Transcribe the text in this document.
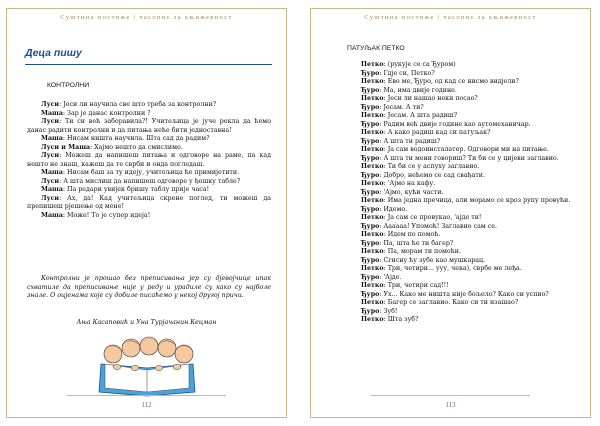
Суштина постиже | часопис за књижевност
Деца пишу
КОНТРОЛНИ

Луси: Јеси ли научила све што треба за контролни?

Маша: Зар је данас контролни ?

Луси: Ти си већ заборавила?! Учитељица је јуче рекла да ћемо данас радити контролни и да питања неће бити једноставна!

Маша: Нисам ништа научила. Шта сад да радим?

Луси и Маша: Хајмо нешто да смислимо.

Луси: Можеш да напишеш питања и одговоре на раме, па кад нешто не знаш, кажеш да те сврби и онда погледаш.

Маша: Нисам баш за ту идеју, учитељица ће примијетити.

Луси: А шта мислиш да напишеш одговоре у ђошку табле?

Маша: Па редари увијек бришу таблу прије часа!

Луси: Ах, да! Кад учитељица скрене поглед, ти можеш да препишеш рјешење од мене!

Маша: Може! То је супер идеја!

Контролни је прошао без преписивања јер су дјевојчице ипак схватиле да преписивање није у реду и урадиле су како су најболе знале. О оцјенама које су добиле писаћемо у некој другој причи.
Ања Касаповић и Уна Турјачанин Кецман
112
Суштина постиже | часопис за књижевност
ПАТУЉАК ПЕТКО

Петко: (рукује се са Ђуром)

Ђуро: Гдје си, Петко?

Петко: Ево ме, Ђуро, од кад се нисмо видјели?

Ђуро: Ма, има двије године.

Петко: Јеси ли нашао неки посао?

Ђуро: Јесам. А ти?

Петко: Јесам. А шта радиш?

Ђуро: Радим већ двије године као аутомеханичар.

Петко: А како радиш кад си патуљак?

Ђуро: А шта ти радиш?

Петко: Ја сам водоинсталатер. Одговори ми на питање.

Ђуро: А шта ти мени говориш? Ти би се у цијеви заглавио.

Петко: Ти би се у аспуху заглавио.

Ђуро: Добро, нећемо се сад свађати.

Петко: 'Ајмо на кафу.

Ђуро: 'Ајмо, кући части.

Петко: Има једна пречица, али морамо се кроз рупу провући.

Ђуро: Идемо.

Петко: Ја сам се провукао, 'ајде ти!

Ђуро: Аааааа! Упомоћ! Заглавио сам се.

Петко: Идем по помоћ.

Ђуро: Па, шта ће ти багер?

Петко: Па, морам ти помоћи.

Ђуро: Сгисну ћу зубе као мушкарац.

Петко: Три, четири... ууу, чека), сврбе ме леђа.

Ђуро: 'Ајде.

Петко: Три, четири сад!!!

Ђуро: Ух... Како ме ништа није бољело? Како си успио?

Петко: Багер се заглавио. Како си ти изашао?

Ђуро: Зуб!

Петко: Шта зуб?

113
